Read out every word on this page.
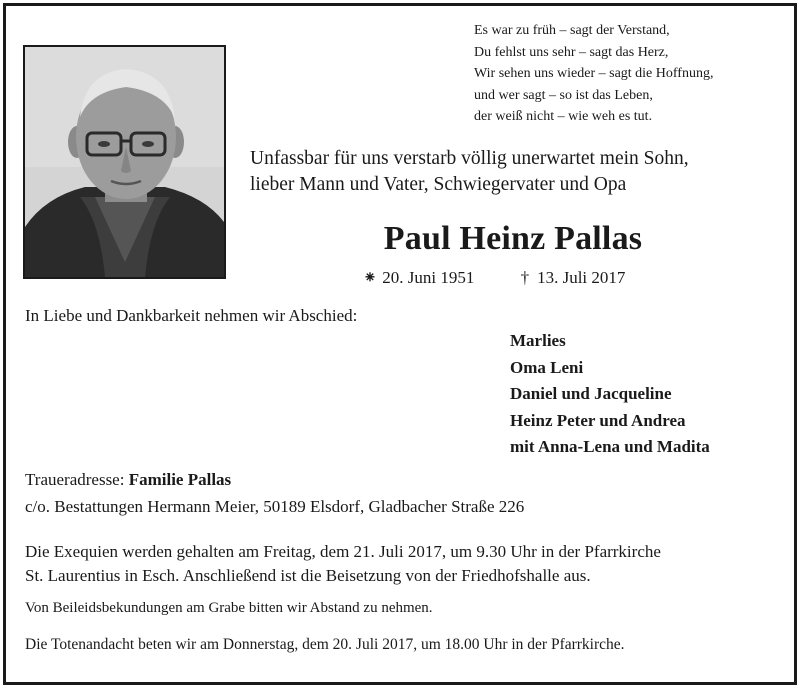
Es war zu früh – sagt der Verstand,
Du fehlst uns sehr – sagt das Herz,
Wir sehen uns wieder – sagt die Hoffnung,
und wer sagt – so ist das Leben,
der weiß nicht – wie weh es tut.
Unfassbar für uns verstarb völlig unerwartet mein Sohn,
lieber Mann und Vater, Schwiegervater und Opa
Paul Heinz Pallas
⁕ 20. Juni 1951	† 13. Juli 2017
In Liebe und Dankbarkeit nehmen wir Abschied:
Marlies
Oma Leni
Daniel und Jacqueline
Heinz Peter und Andrea
mit Anna-Lena und Madita
Traueradresse: Familie Pallas
c/o. Bestattungen Hermann Meier, 50189 Elsdorf, Gladbacher Straße 226
Die Exequien werden gehalten am Freitag, dem 21. Juli 2017, um 9.30 Uhr in der Pfarrkirche
St. Laurentius in Esch. Anschließend ist die Beisetzung von der Friedhofshalle aus.
Von Beileidsbekundungen am Grabe bitten wir Abstand zu nehmen.
Die Totenandacht beten wir am Donnerstag, dem 20. Juli 2017, um 18.00 Uhr in der Pfarrkirche.
